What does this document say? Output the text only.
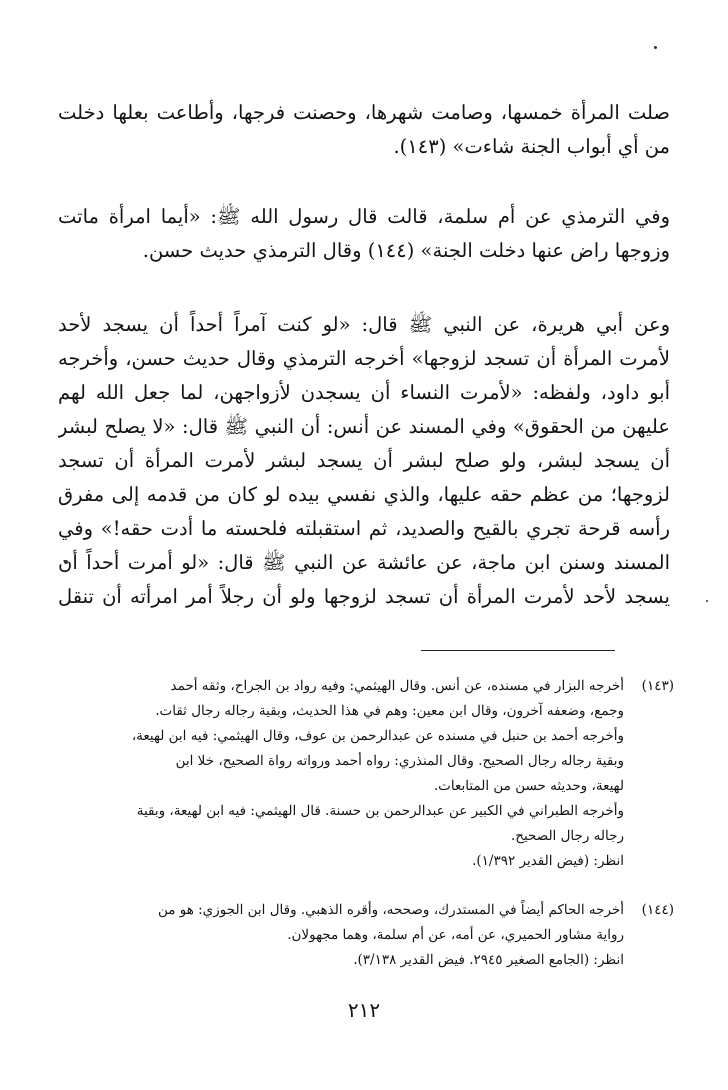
صلت المرأة خمسها، وصامت شهرها، وحصنت فرجها، وأطاعت بعلها دخلت
من أي أبواب الجنة شاءت» (١٤٣).
وفي الترمذي عن أم سلمة، قالت قال رسول الله ﷺ: «أيما امرأة ماتت
وزوجها راض عنها دخلت الجنة» (١٤٤) وقال الترمذي حديث حسن.
وعن أبي هريرة، عن النبي ﷺ قال: «لو كنت آمراً أحداً أن يسجد لأحد
لأمرت المرأة أن تسجد لزوجها» أخرجه الترمذي وقال حديث حسن، وأخرجه
أبو داود، ولفظه: «لأمرت النساء أن يسجدن لأزواجهن، لما جعل الله لهم
عليهن من الحقوق» وفي المسند عن أنس: أن النبي ﷺ قال: «لا يصلح لبشر
أن يسجد لبشر، ولو صلح لبشر أن يسجد لبشر لأمرت المرأة أن تسجد
لزوجها؛ من عظم حقه عليها، والذي نفسي بيده لو كان من قدمه إلى مفرق
رأسه قرحة تجري بالقيح والصديد، ثم استقبلته فلحسته ما أدت حقه!» وفي
المسند وسنن ابن ماجة، عن عائشة عن النبي ﷺ قال: «لو أمرت أحداً أن
يسجد لأحد لأمرت المرأة أن تسجد لزوجها ولو أن رجلاً أمر امرأته أن تنقل
(١٤٣)
أخرجه البزار في مسنده، عن أنس. وقال الهيثمي: وفيه رواد بن الجراح، وثقه أحمد
وجمع، وضعفه آخرون، وقال ابن معين: وهم في هذا الحديث، وبقية رجاله رجال ثقات.
وأخرجه أحمد بن حنبل في مسنده عن عبدالرحمن بن عوف، وقال الهيثمي: فيه ابن لهيعة،
وبقية رجاله رجال الصحيح. وقال المنذري: رواه أحمد ورواته رواة الصحيح، خلا ابن
لهيعة، وحديثه حسن من المتابعات.
وأخرجه الطبراني في الكبير عن عبدالرحمن بن حسنة. قال الهيثمي: فيه ابن لهيعة، وبقية
رجاله رجال الصحيح.
انظر: (فيض القدير ١/٣٩٢).
(١٤٤)
أخرجه الحاكم أيضاً في المستدرك، وصححه، وأقره الذهبي. وقال ابن الجوزي: هو من
رواية مشاور الحميري، عن أمه، عن أم سلمة، وهما مجهولان.
انظر: (الجامع الصغير ٢٩٤٥. فيض القدير ٣/١٣٨).
٢١٢
